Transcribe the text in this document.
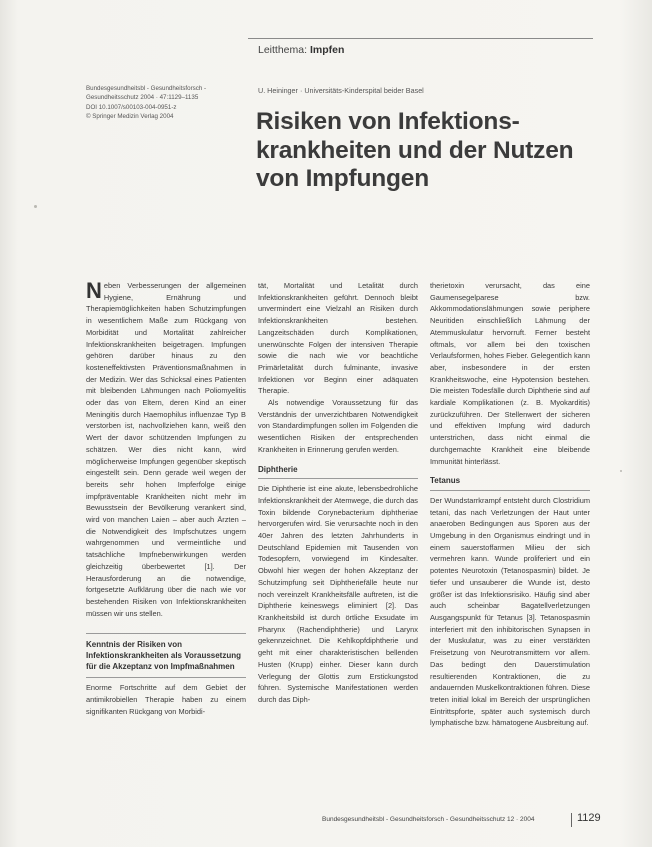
Leitthema: Impfen
Bundesgesundheitsbl - Gesundheitsforsch -
Gesundheitsschutz 2004 · 47:1129–1135
DOI 10.1007/s00103-004-0951-z
© Springer Medizin Verlag 2004
U. Heininger · Universitäts-Kinderspital beider Basel
Risiken von Infektions-
krankheiten und der Nutzen
von Impfungen

Neben Verbesserungen der allgemeinen Hygiene, Ernährung und Therapiemöglichkeiten haben Schutzimpfungen in wesentlichem Maße zum Rückgang von Morbidität und Mortalität zahlreicher Infektionskrankheiten beigetragen. Impfungen gehören darüber hinaus zu den kosteneffektivsten Präventionsmaßnahmen in der Medizin. Wer das Schicksal eines Patienten mit bleibenden Lähmungen nach Poliomyelitis oder das von Eltern, deren Kind an einer Meningitis durch Haemophilus influenzae Typ B verstorben ist, nachvollziehen kann, weiß den Wert der davor schützenden Impfungen zu schätzen. Wer dies nicht kann, wird möglicherweise Impfungen gegenüber skeptisch eingestellt sein. Denn gerade weil wegen der bereits sehr hohen Impferfolge einige impfpräventable Krankheiten nicht mehr im Bewusstsein der Bevölkerung verankert sind, wird von manchen Laien – aber auch Ärzten – die Notwendigkeit des Impfschutzes ungern wahrgenommen und vermeintliche und tatsächliche Impfnebenwirkungen werden gleichzeitig überbewertet [1]. Der Herausforderung an die notwendige, fortgesetzte Aufklärung über die nach wie vor bestehenden Risiken von Infektionskrankheiten müssen wir uns stellen.

Kenntnis der Risiken von Infektionskrankheiten als Voraussetzung für die Akzeptanz von Impfmaßnahmen

Enorme Fortschritte auf dem Gebiet der antimikrobiellen Therapie haben zu einem signifikanten Rückgang von Morbidi-

tät, Mortalität und Letalität durch Infektionskrankheiten geführt. Dennoch bleibt unvermindert eine Vielzahl an Risiken durch Infektionskrankheiten bestehen. Langzeitschäden durch Komplikationen, unerwünschte Folgen der intensiven Therapie sowie die nach wie vor beachtliche Primärletalität durch fulminante, invasive Infektionen vor Beginn einer adäquaten Therapie.

Als notwendige Voraussetzung für das Verständnis der unverzichtbaren Notwendigkeit von Standardimpfungen sollen im Folgenden die wesentlichen Risiken der entsprechenden Krankheiten in Erinnerung gerufen werden.

Diphtherie

Die Diphtherie ist eine akute, lebensbedrohliche Infektionskrankheit der Atemwege, die durch das Toxin bildende Corynebacterium diphtheriae hervorgerufen wird. Sie verursachte noch in den 40er Jahren des letzten Jahrhunderts in Deutschland Epidemien mit Tausenden von Todesopfern, vorwiegend im Kindesalter. Obwohl hier wegen der hohen Akzeptanz der Schutzimpfung seit Diphtheriefälle heute nur noch vereinzelt Krankheitsfälle auftreten, ist die Diphtherie keineswegs eliminiert [2]. Das Krankheitsbild ist durch örtliche Exsudate im Pharynx (Rachendiphtherie) und Larynx gekennzeichnet. Die Kehlkopfdiphtherie und geht mit einer charakteristischen bellenden Husten (Krupp) einher. Dieser kann durch Verlegung der Glottis zum Erstickungstod führen. Systemische Manifestationen werden durch das Diph-

therietoxin verursacht, das eine Gaumensegelparese bzw. Akkommodationslähmungen sowie periphere Neuritiden einschließlich Lähmung der Atemmuskulatur hervorruft. Ferner besteht oftmals, vor allem bei den toxischen Verlaufsformen, hohes Fieber. Gelegentlich kann aber, insbesondere in der ersten Krankheitswoche, eine Hypotension bestehen. Die meisten Todesfälle durch Diphtherie sind auf kardiale Komplikationen (z. B. Myokarditis) zurückzuführen. Der Stellenwert der sicheren und effektiven Impfung wird dadurch unterstrichen, dass nicht einmal die durchgemachte Krankheit eine bleibende Immunität hinterlässt.

Tetanus

Der Wundstarrkrampf entsteht durch Clostridium tetani, das nach Verletzungen der Haut unter anaeroben Bedingungen aus Sporen aus der Umgebung in den Organismus eindringt und in einem sauerstoffarmen Milieu der sich vermehren kann. Wunde proliferiert und ein potentes Neurotoxin (Tetanospasmin) bildet. Je tiefer und unsauberer die Wunde ist, desto größer ist das Infektionsrisiko. Häufig sind aber auch scheinbar Bagatellverletzungen Ausgangspunkt für Tetanus [3]. Tetanospasmin interferiert mit den inhibitorischen Synapsen in der Muskulatur, was zu einer verstärkten Freisetzung von Neurotransmittern vor allem. Das bedingt den Dauerstimulation resultierenden Kontraktionen, die zu andauernden Muskelkontraktionen führen. Diese treten initial lokal im Bereich der ursprünglichen Eintrittspforte, später auch systemisch durch lymphatische bzw. hämatogene Ausbreitung auf.

Bundesgesundheitsbl - Gesundheitsforsch - Gesundheitsschutz 12 · 2004	1129
